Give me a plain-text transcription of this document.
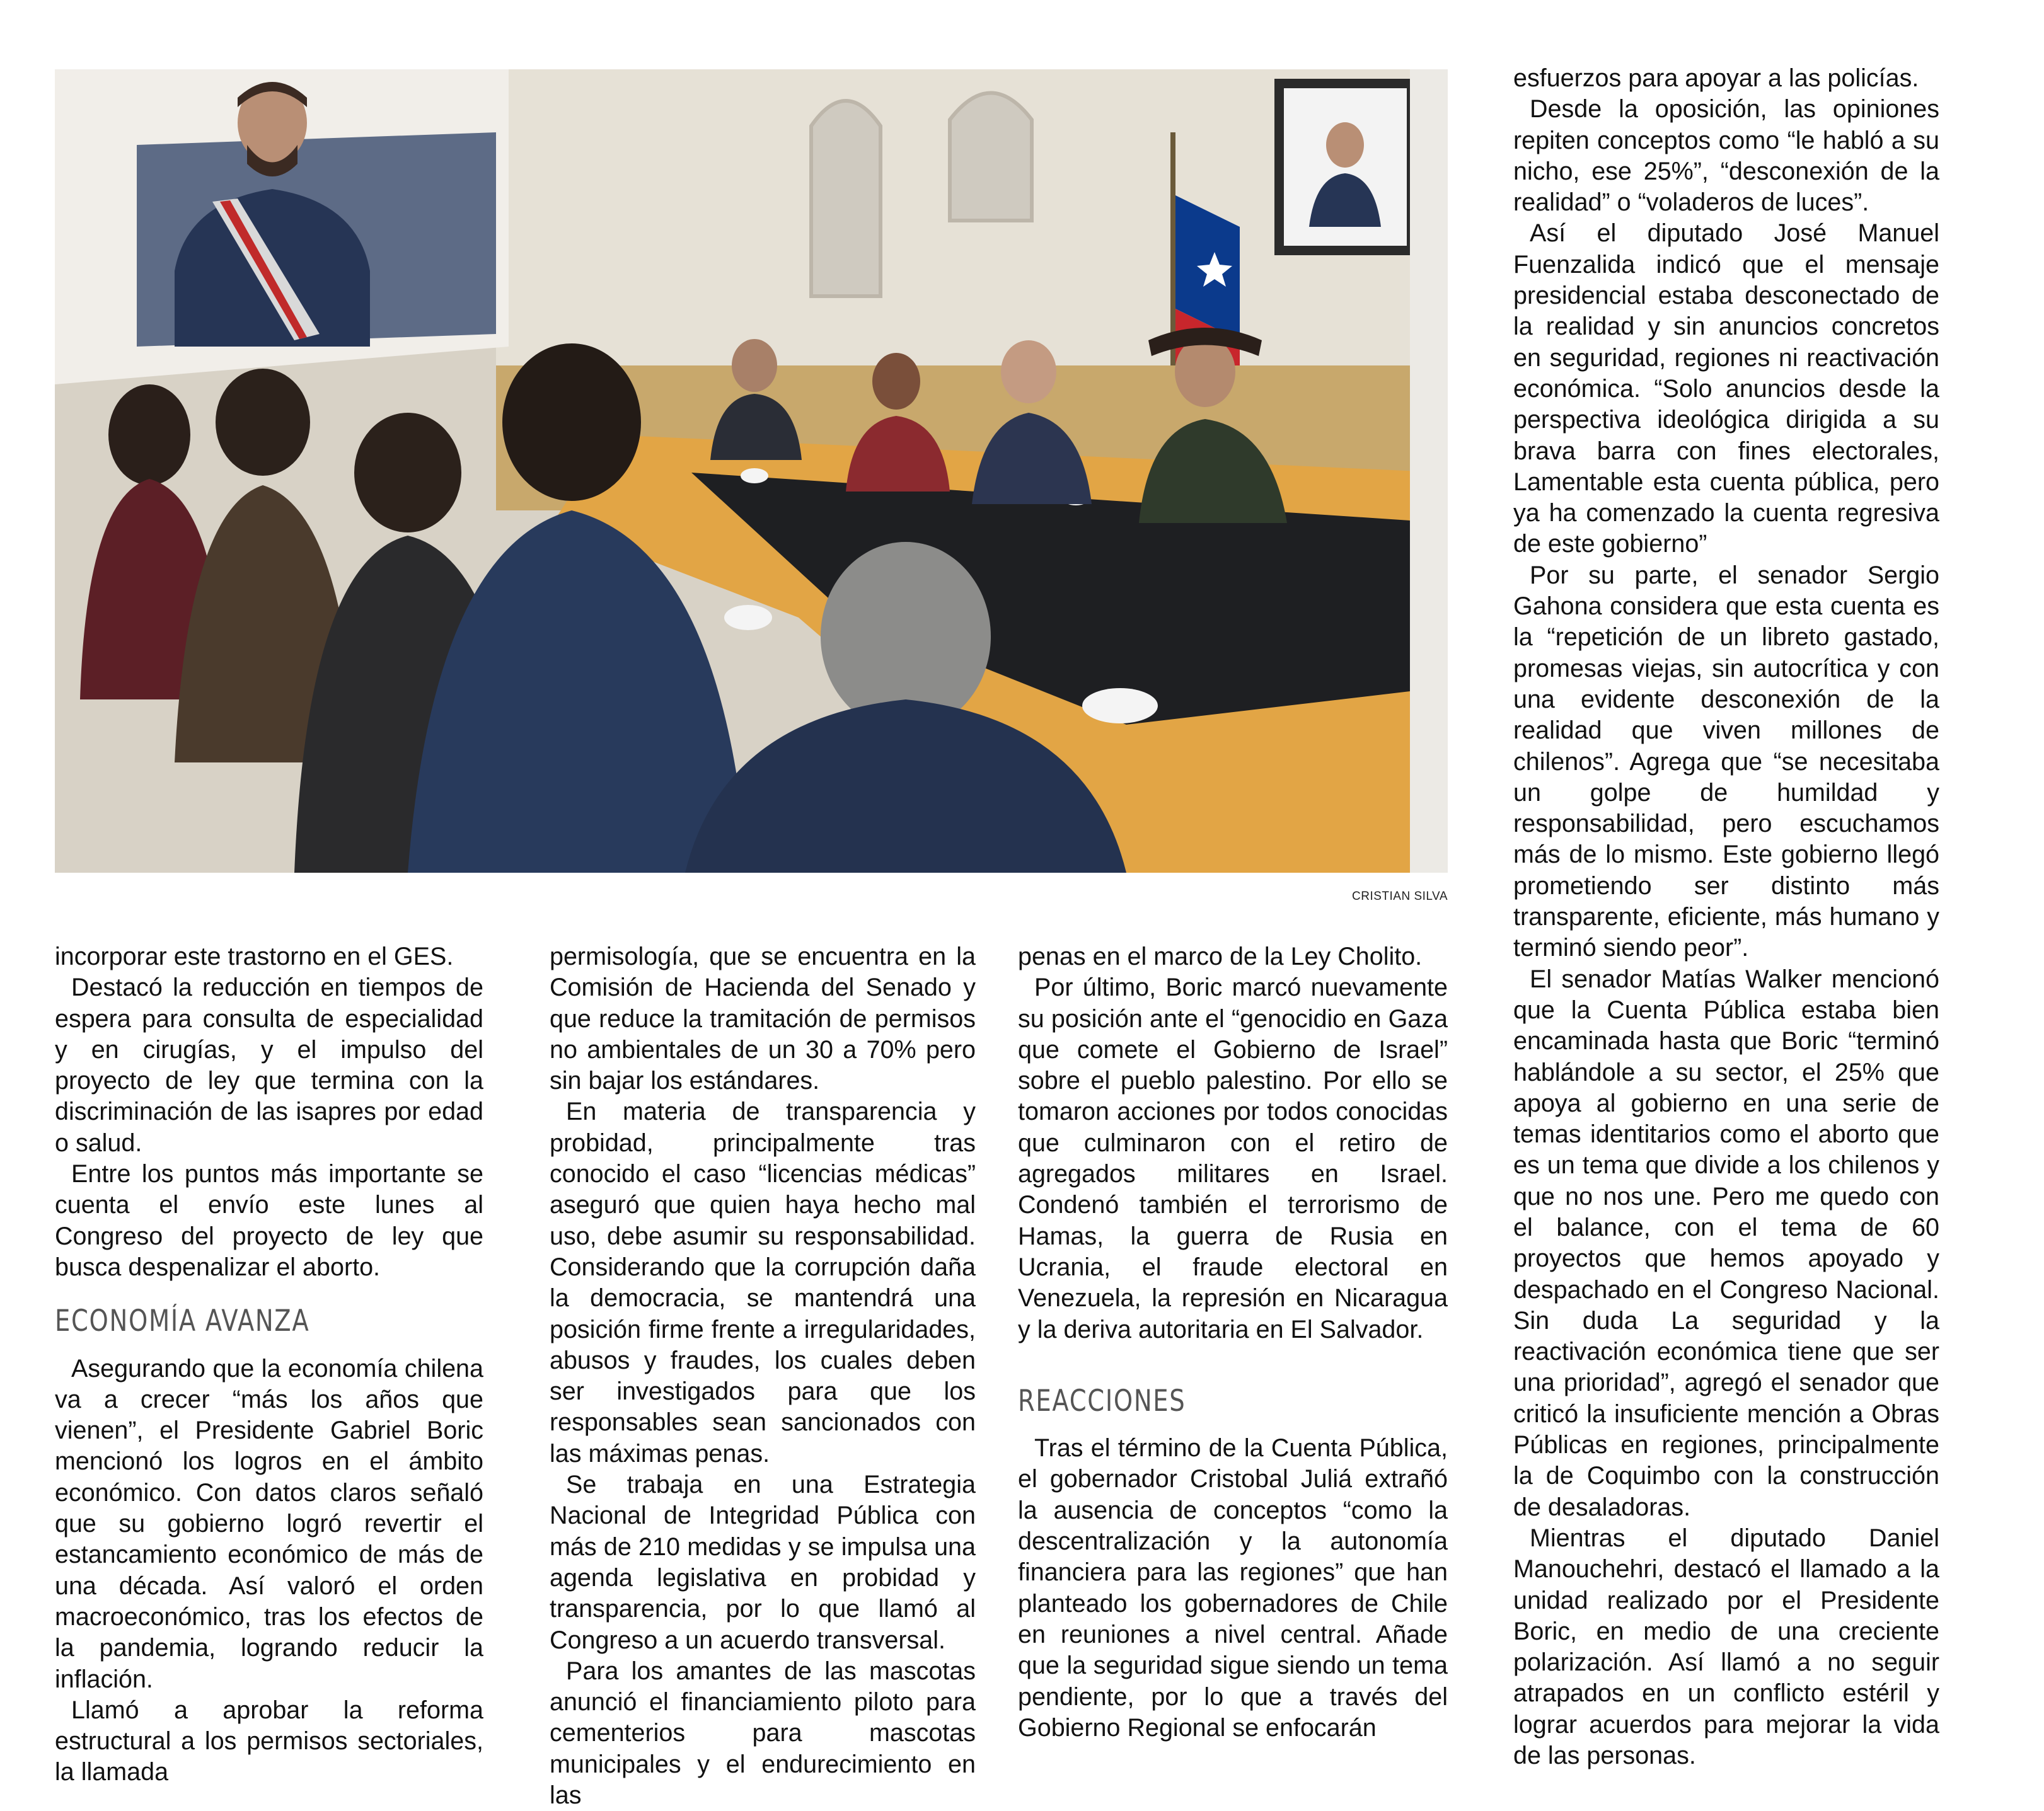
CRISTIAN SILVA

incorporar este trastorno en el GES.

Destacó la reducción en tiempos de espera para consulta de especialidad y en cirugías, y el impulso del proyecto de ley que termina con la discriminación de las isapres por edad o salud.

Entre los puntos más importante se cuenta el envío este lunes al Congreso del proyecto de ley que busca despenalizar el aborto.

ECONOMÍA AVANZA

Asegurando que la economía chilena va a crecer “más los años que vienen”, el Presidente Gabriel Boric mencionó los logros en el ámbito económico. Con datos claros señaló que su gobierno logró revertir el estancamiento económico de más de una década. Así valoró el orden macroeconómico, tras los efectos de la pandemia, logrando reducir la inflación.

Llamó a aprobar la reforma estructural a los permisos sectoriales, la llamada

permisología, que se encuentra en la Comisión de Hacienda del Senado y que reduce la tramitación de permisos no ambientales de un 30 a 70% pero sin bajar los estándares.

En materia de transparencia y probidad, principalmente tras conocido el caso “licencias médicas” aseguró que quien haya hecho mal uso, debe asumir su responsabilidad. Considerando que la corrupción daña la democracia, se mantendrá una posición firme frente a irregularidades, abusos y fraudes, los cuales deben ser investigados para que los responsables sean sancionados con las máximas penas.

Se trabaja en una Estrategia Nacional de Integridad Pública con más de 210 medidas y se impulsa una agenda legislativa en probidad y transparencia, por lo que llamó al Congreso a un acuerdo transversal.

Para los amantes de las mascotas anunció el financiamiento piloto para cementerios para mascotas municipales y el endurecimiento en las

penas en el marco de la Ley Cholito.

Por último, Boric marcó nuevamente su posición ante el “genocidio en Gaza que comete el Gobierno de Israel” sobre el pueblo palestino. Por ello se tomaron acciones por todos conocidas que culminaron con el retiro de agregados militares en Israel. Condenó también el terrorismo de Hamas, la guerra de Rusia en Ucrania, el fraude electoral en Venezuela, la represión en Nicaragua y la deriva autoritaria en El Salvador.

REACCIONES

Tras el término de la Cuenta Pública, el gobernador Cristobal Juliá extrañó la ausencia de conceptos “como la descentralización y la autonomía financiera para las regiones” que han planteado los gobernadores de Chile en reuniones a nivel central. Añade que la seguridad sigue siendo un tema pendiente, por lo que a través del Gobierno Regional se enfocarán

esfuerzos para apoyar a las policías.

Desde la oposición, las opiniones repiten conceptos como “le habló a su nicho, ese 25%”, “desconexión de la realidad” o “voladeros de luces”.

Así el diputado José Manuel Fuenzalida indicó que el mensaje presidencial estaba desconectado de la realidad y sin anuncios concretos en seguridad, regiones ni reactivación económica. “Solo anuncios desde la perspectiva ideológica dirigida a su brava barra con fines electorales, Lamentable esta cuenta pública, pero ya ha comenzado la cuenta regresiva de este gobierno”

Por su parte, el senador Sergio Gahona considera que esta cuenta es la “repetición de un libreto gastado, promesas viejas, sin autocrítica y con una evidente desconexión de la realidad que viven millones de chilenos”. Agrega que “se necesitaba un golpe de humildad y responsabilidad, pero escuchamos más de lo mismo. Este gobierno llegó prometiendo ser distinto más transparente, eficiente, más humano y terminó siendo peor”.

El senador Matías Walker mencionó que la Cuenta Pública estaba bien encaminada hasta que Boric “terminó hablándole a su sector, el 25% que apoya al gobierno en una serie de temas identitarios como el aborto que es un tema que divide a los chilenos y que no nos une. Pero me quedo con el balance, con el tema de 60 proyectos que hemos apoyado y despachado en el Congreso Nacional. Sin duda La seguridad y la reactivación económica tiene que ser una prioridad”, agregó el senador que criticó la insuficiente mención a Obras Públicas en regiones, principalmente la de Coquimbo con la construcción de desaladoras.

Mientras el diputado Daniel Manouchehri, destacó el llamado a la unidad realizado por el Presidente Boric, en medio de una creciente polarización. Así llamó a no seguir atrapados en un conflicto estéril y lograr acuerdos para mejorar la vida de las personas.
